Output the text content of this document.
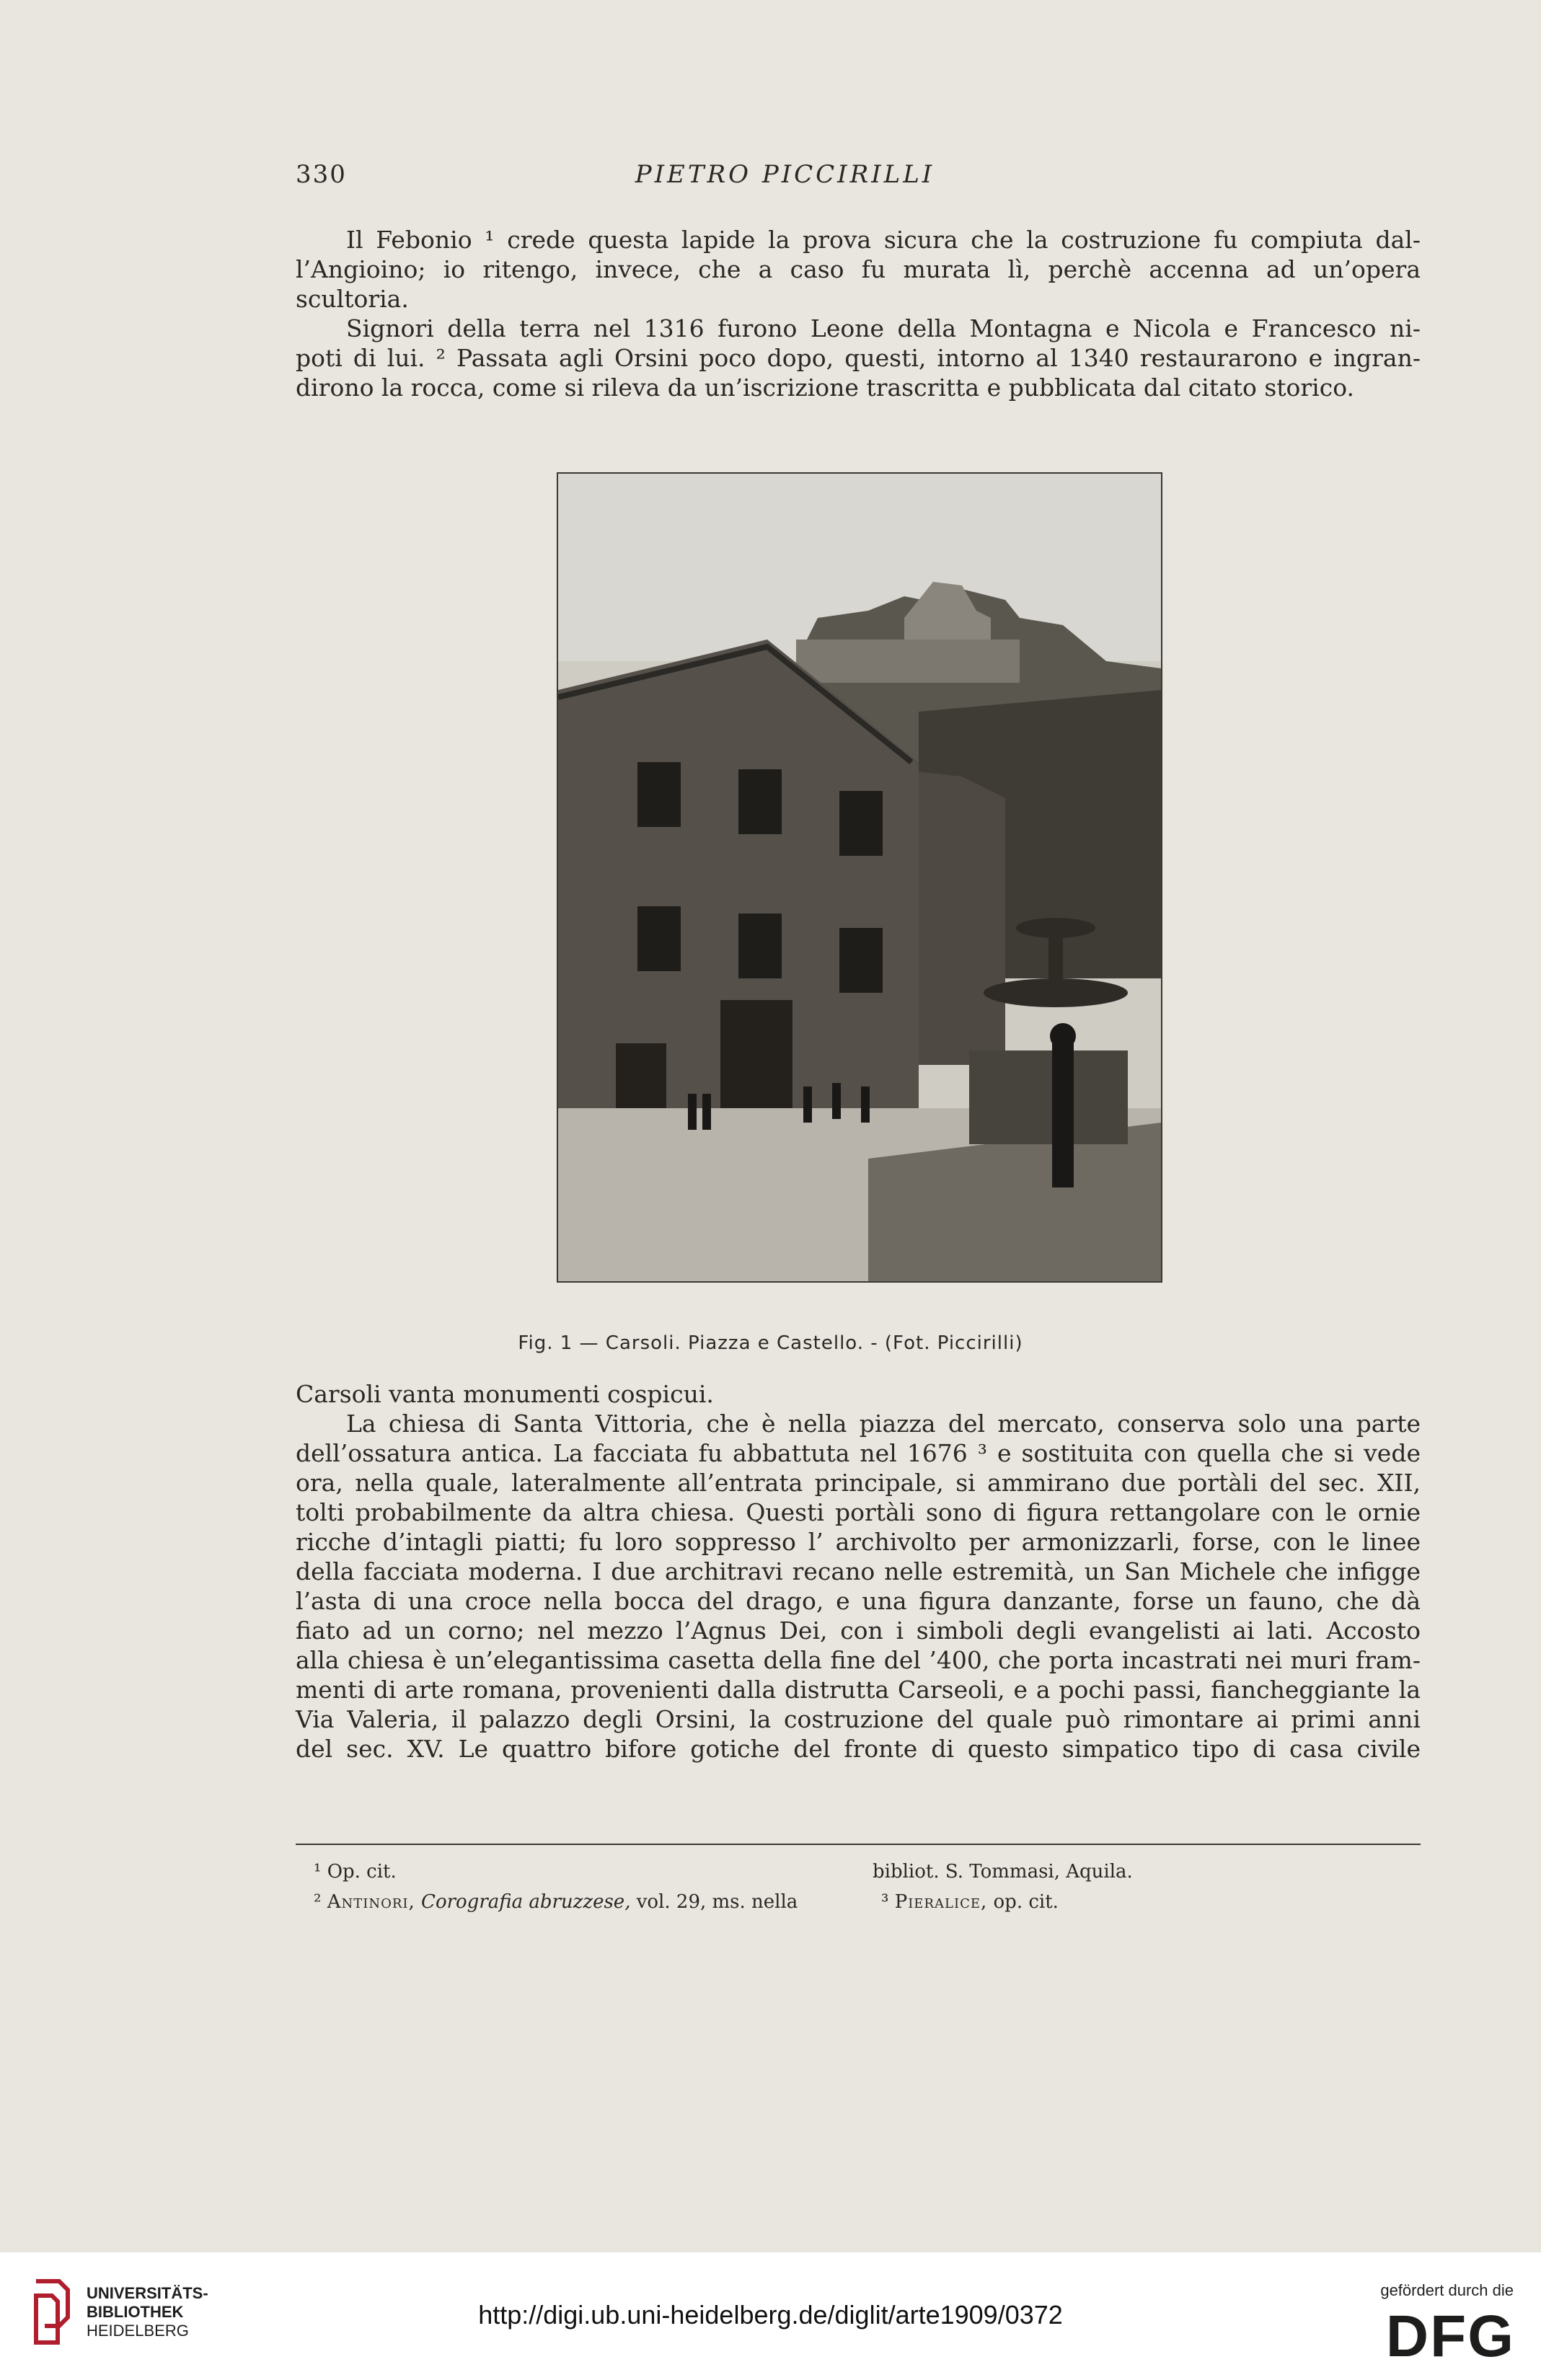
330	PIETRO PICCIRILLI
Il Febonio ¹ crede questa lapide la prova sicura che la costruzione fu compiuta dal-
l’Angioino; io ritengo, invece, che a caso fu murata lì, perchè accenna ad un’opera
scultoria.
Signori della terra nel 1316 furono Leone della Montagna e Nicola e Francesco ni-
poti di lui. ² Passata agli Orsini poco dopo, questi, intorno al 1340 restaurarono e ingran-
dirono la rocca, come si rileva da un’iscrizione trascritta e pubblicata dal citato storico.
Fig. 1 — Carsoli. Piazza e Castello. - (Fot. Piccirilli)
Carsoli vanta monumenti cospicui.
La chiesa di Santa Vittoria, che è nella piazza del mercato, conserva solo una parte
dell’ossatura antica. La facciata fu abbattuta nel 1676 ³ e sostituita con quella che si vede
ora, nella quale, lateralmente all’entrata principale, si ammirano due portàli del sec. XII,
tolti probabilmente da altra chiesa. Questi portàli sono di figura rettangolare con le ornie
ricche d’intagli piatti; fu loro soppresso l’ archivolto per armonizzarli, forse, con le linee
della facciata moderna. I due architravi recano nelle estremità, un San Michele che infigge
l’asta di una croce nella bocca del drago, e una figura danzante, forse un fauno, che dà
fiato ad un corno; nel mezzo l’Agnus Dei, con i simboli degli evangelisti ai lati. Accosto
alla chiesa è un’elegantissima casetta della fine del ’400, che porta incastrati nei muri fram-
menti di arte romana, provenienti dalla distrutta Carseoli, e a pochi passi, fiancheggiante la
Via Valeria, il palazzo degli Orsini, la costruzione del quale può rimontare ai primi anni
del sec. XV. Le quattro bifore gotiche del fronte di questo simpatico tipo di casa civile
¹ Op. cit.
² Antinori, Corografia abruzzese, vol. 29, ms. nella
bibliot. S. Tommasi, Aquila.
³ Pieralice, op. cit.
UNIVERSITÄTS-
BIBLIOTHEK
HEIDELBERG
http://digi.ub.uni-heidelberg.de/diglit/arte1909/0372
gefördert durch die
DFG
